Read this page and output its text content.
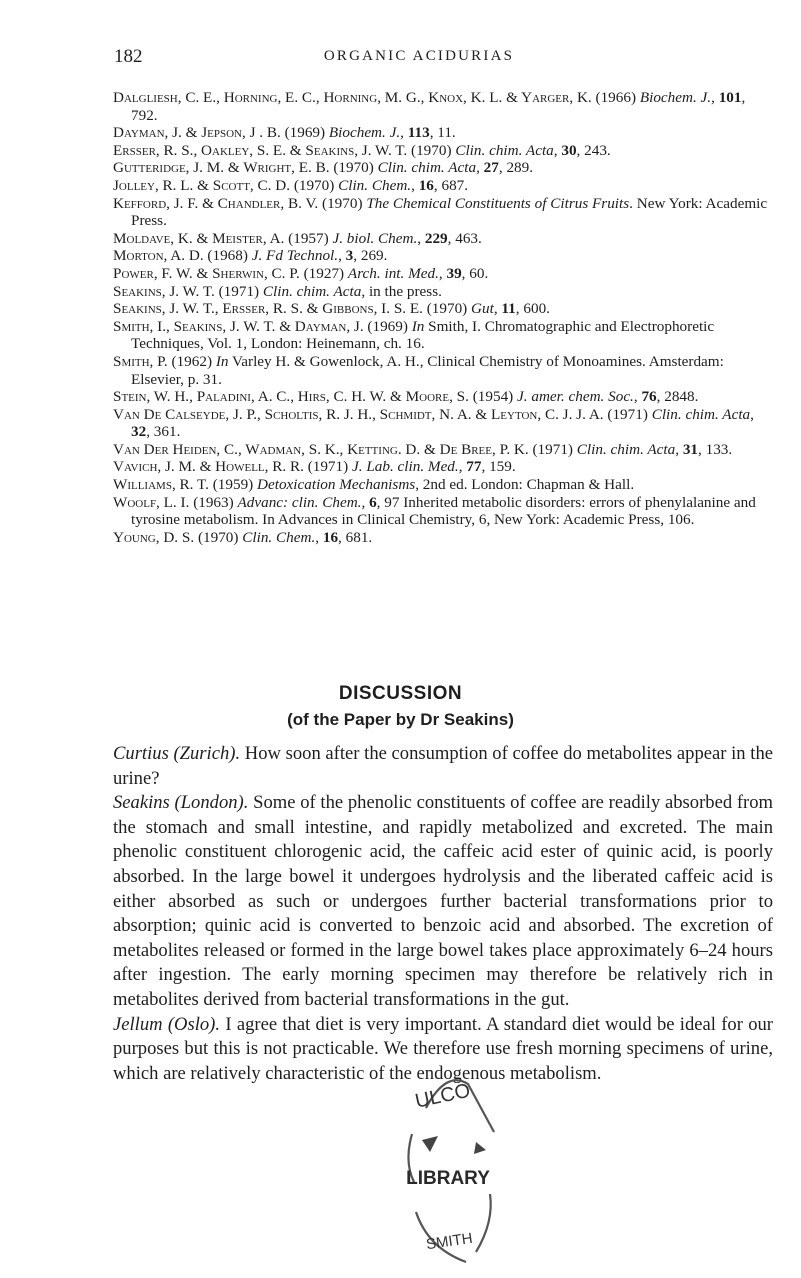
182	ORGANIC ACIDURIAS

Dalgliesh, C. E., Horning, E. C., Horning, M. G., Knox, K. L. & Yarger, K. (1966) Biochem. J., 101, 792.

Dayman, J. & Jepson, J . B. (1969) Biochem. J., 113, 11.

Ersser, R. S., Oakley, S. E. & Seakins, J. W. T. (1970) Clin. chim. Acta, 30, 243.

Gutteridge, J. M. & Wright, E. B. (1970) Clin. chim. Acta, 27, 289.

Jolley, R. L. & Scott, C. D. (1970) Clin. Chem., 16, 687.

Kefford, J. F. & Chandler, B. V. (1970) The Chemical Constituents of Citrus Fruits. New York: Academic Press.

Moldave, K. & Meister, A. (1957) J. biol. Chem., 229, 463.

Morton, A. D. (1968) J. Fd Technol., 3, 269.

Power, F. W. & Sherwin, C. P. (1927) Arch. int. Med., 39, 60.

Seakins, J. W. T. (1971) Clin. chim. Acta, in the press.

Seakins, J. W. T., Ersser, R. S. & Gibbons, I. S. E. (1970) Gut, 11, 600.

Smith, I., Seakins, J. W. T. & Dayman, J. (1969) In Smith, I. Chromatographic and Electrophoretic Techniques, Vol. 1, London: Heinemann, ch. 16.

Smith, P. (1962) In Varley H. & Gowenlock, A. H., Clinical Chemistry of Monoamines. Amsterdam: Elsevier, p. 31.

Stein, W. H., Paladini, A. C., Hirs, C. H. W. & Moore, S. (1954) J. amer. chem. Soc., 76, 2848.

Van De Calseyde, J. P., Scholtis, R. J. H., Schmidt, N. A. & Leyton, C. J. J. A. (1971) Clin. chim. Acta, 32, 361.

Van Der Heiden, C., Wadman, S. K., Ketting. D. & De Bree, P. K. (1971) Clin. chim. Acta, 31, 133.

Vavich, J. M. & Howell, R. R. (1971) J. Lab. clin. Med., 77, 159.

Williams, R. T. (1959) Detoxication Mechanisms, 2nd ed. London: Chapman & Hall.

Woolf, L. I. (1963) Advanc: clin. Chem., 6, 97 Inherited metabolic disorders: errors of phenylalanine and tyrosine metabolism. In Advances in Clinical Chemistry, 6, New York: Academic Press, 106.

Young, D. S. (1970) Clin. Chem., 16, 681.

DISCUSSION
(of the Paper by Dr Seakins)

Curtius (Zurich). How soon after the consumption of coffee do metabolites appear in the urine?

Seakins (London). Some of the phenolic constituents of coffee are readily absorbed from the stomach and small intestine, and rapidly metabolized and excreted. The main phenolic constituent chlorogenic acid, the caffeic acid ester of quinic acid, is poorly absorbed. In the large bowel it undergoes hydrolysis and the liberated caffeic acid is either absorbed as such or undergoes further bacterial transformations prior to absorption; quinic acid is converted to benzoic acid and absorbed. The excretion of metabolites released or formed in the large bowel takes place approximately 6–24 hours after ingestion. The early morning specimen may therefore be relatively rich in metabolites derived from bacterial transformations in the gut.

Jellum (Oslo). I agree that diet is very important. A standard diet would be ideal for our purposes but this is not practicable. We therefore use fresh morning specimens of urine, which are relatively characteristic of the endogenous metabolism.

ULCO
LIBRARY
SMITH
